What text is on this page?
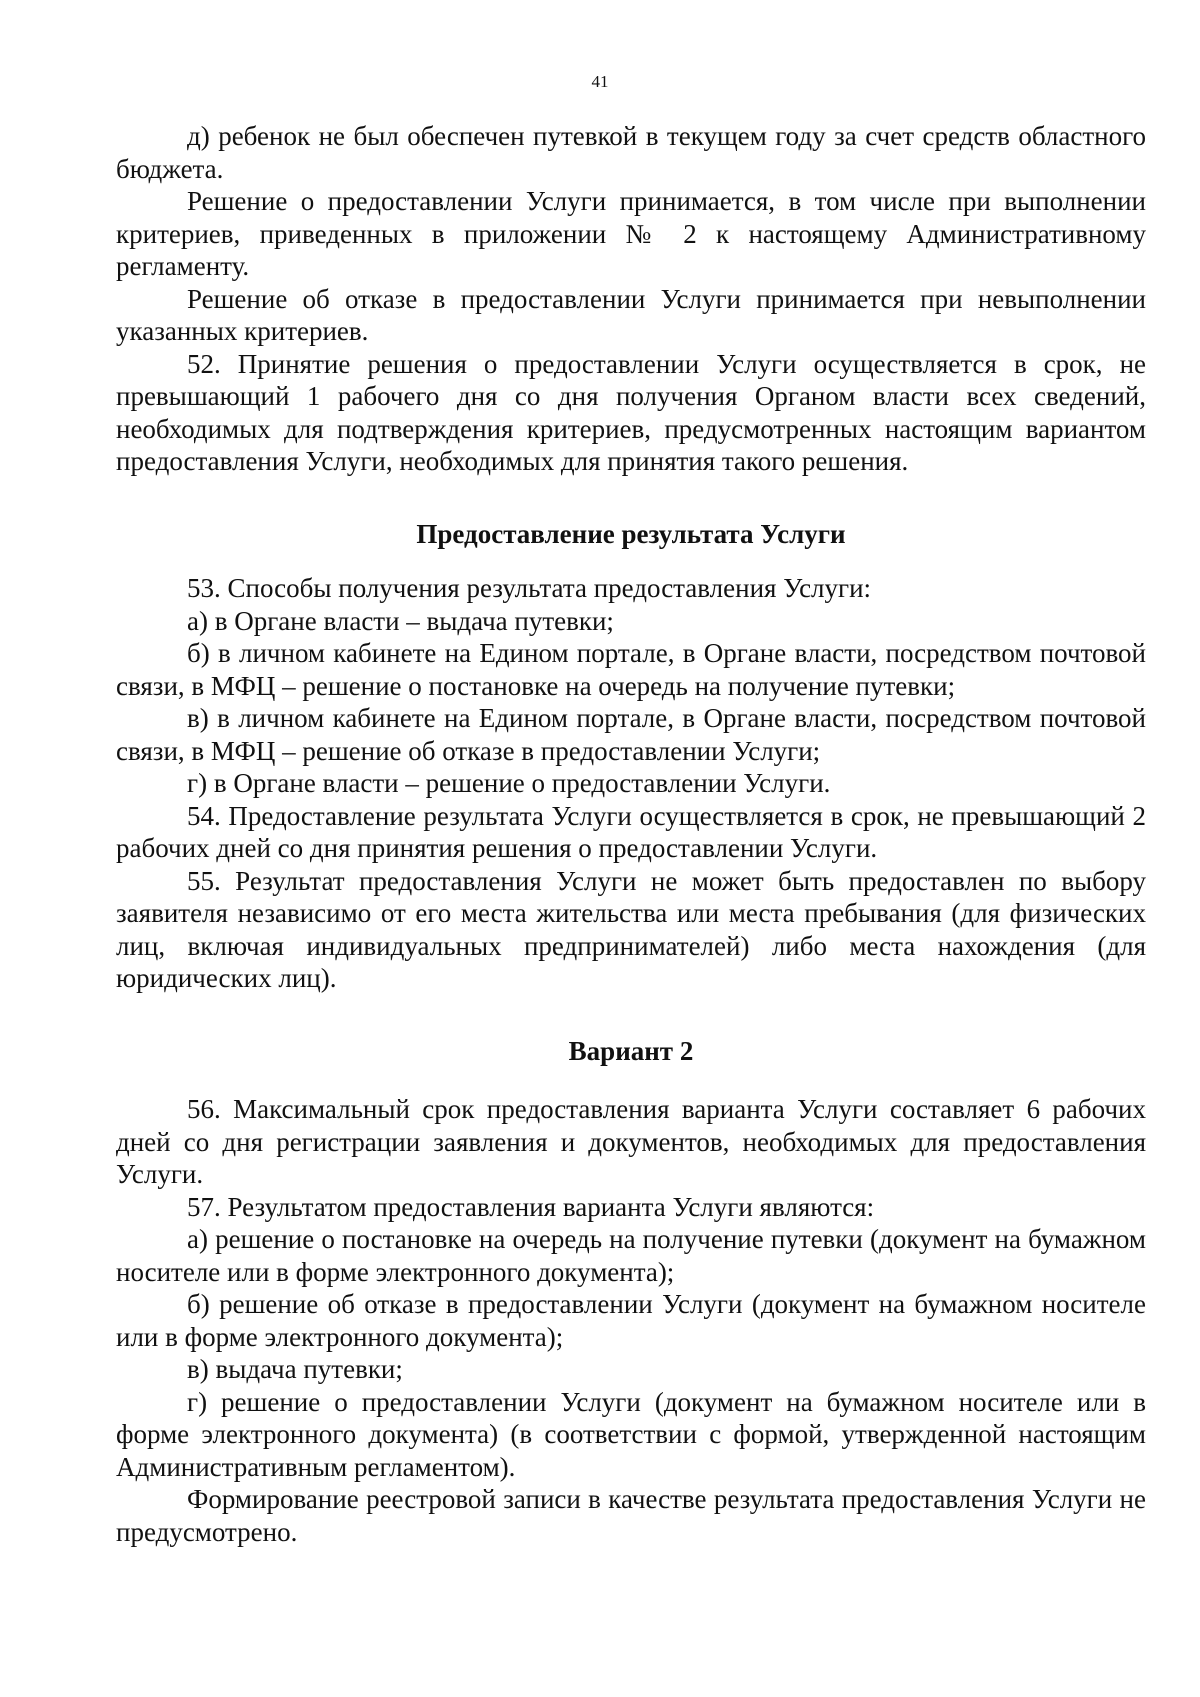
41

д) ребенок не был обеспечен путевкой в текущем году за счет средств областного бюджета.

Решение о предоставлении Услуги принимается, в том числе при выполнении критериев, приведенных в приложении № 2 к настоящему Административному регламенту.

Решение об отказе в предоставлении Услуги принимается при невыполнении указанных критериев.

52. Принятие решения о предоставлении Услуги осуществляется в срок, не превышающий 1 рабочего дня со дня получения Органом власти всех сведений, необходимых для подтверждения критериев, предусмотренных настоящим вариантом предоставления Услуги, необходимых для принятия такого решения.

Предоставление результата Услуги

53. Способы получения результата предоставления Услуги:

а) в Органе власти – выдача путевки;

б) в личном кабинете на Едином портале, в Органе власти, посредством почтовой связи, в МФЦ – решение о постановке на очередь на получение путевки;

в) в личном кабинете на Едином портале, в Органе власти, посредством почтовой связи, в МФЦ – решение об отказе в предоставлении Услуги;

г) в Органе власти – решение о предоставлении Услуги.

54. Предоставление результата Услуги осуществляется в срок, не превышающий 2 рабочих дней со дня принятия решения о предоставлении Услуги.

55. Результат предоставления Услуги не может быть предоставлен по выбору заявителя независимо от его места жительства или места пребывания (для физических лиц, включая индивидуальных предпринимателей) либо места нахождения (для юридических лиц).

Вариант 2

56. Максимальный срок предоставления варианта Услуги составляет 6 рабочих дней со дня регистрации заявления и документов, необходимых для предоставления Услуги.

57. Результатом предоставления варианта Услуги являются:

а) решение о постановке на очередь на получение путевки (документ на бумажном носителе или в форме электронного документа);

б) решение об отказе в предоставлении Услуги (документ на бумажном носителе или в форме электронного документа);

в) выдача путевки;

г) решение о предоставлении Услуги (документ на бумажном носителе или в форме электронного документа) (в соответствии с формой, утвержденной настоящим Административным регламентом).

Формирование реестровой записи в качестве результата предоставления Услуги не предусмотрено.
